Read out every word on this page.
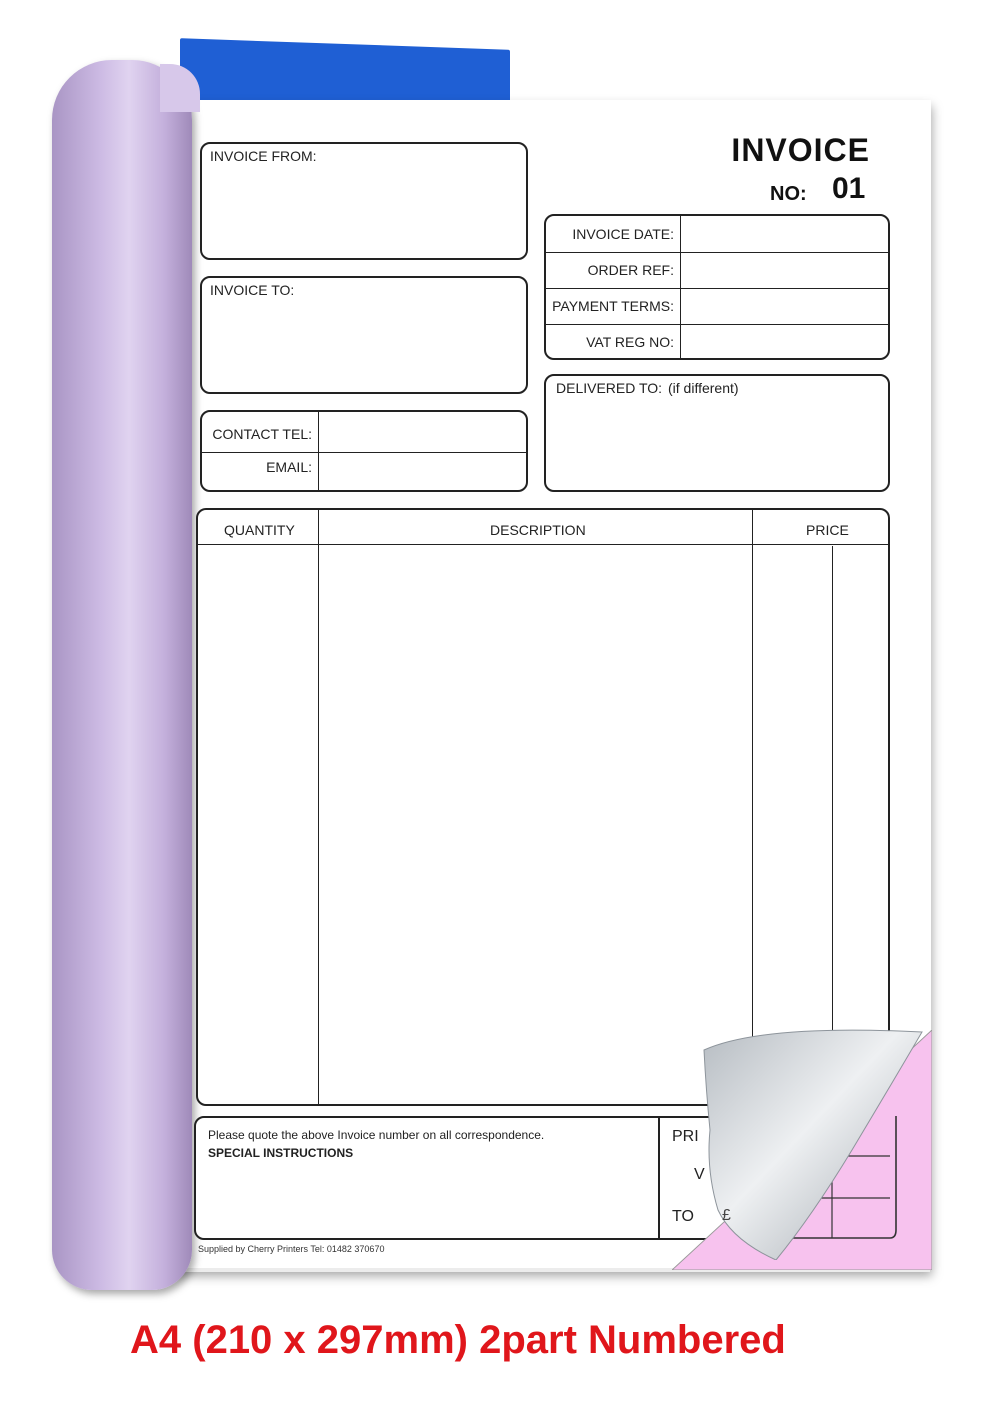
INVOICE
NO: 01
INVOICE FROM:
INVOICE TO:
CONTACT TEL:
EMAIL:
INVOICE DATE:
ORDER REF:
PAYMENT TERMS:
VAT REG NO:
DELIVERED TO: (if different)
QUANTITY	DESCRIPTION	PRICE
Please quote the above Invoice number on all correspondence.
SPECIAL INSTRUCTIONS
PRI
V
TO
Supplied by Cherry Printers Tel: 01482 370670
£
A4 (210 x 297mm) 2part Numbered
